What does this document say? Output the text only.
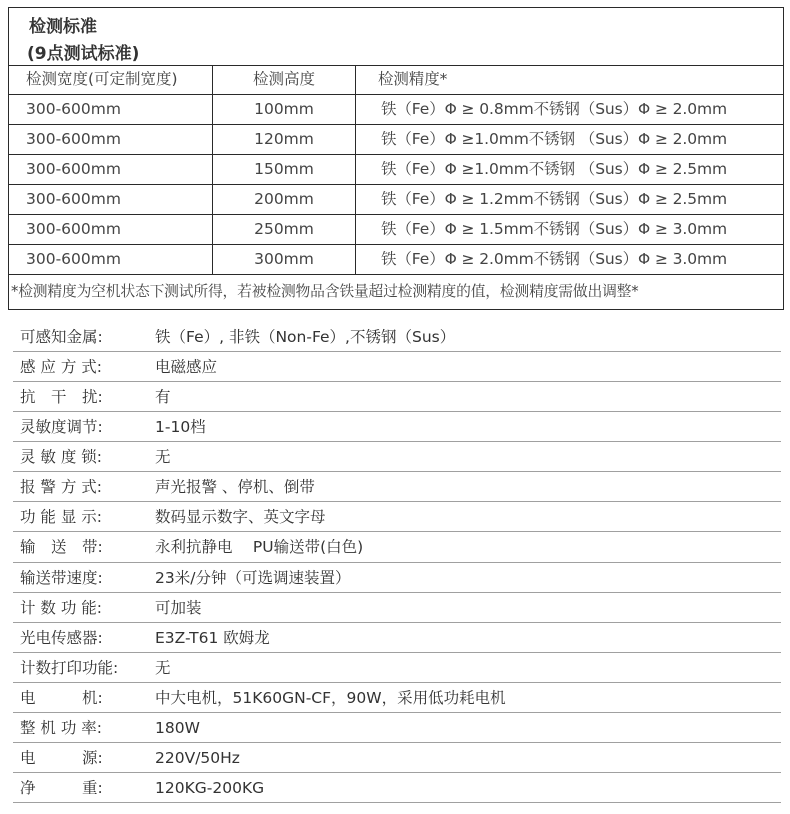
检测标准
(9点测试标准)
检测宽度(可定制宽度)	检测高度	检测精度*
300-600mm	100mm	铁（Fe）Φ ≥ 0.8mm不锈钢（Sus）Φ ≥ 2.0mm
300-600mm	120mm	铁（Fe）Φ ≥1.0mm不锈钢 （Sus）Φ ≥ 2.0mm
300-600mm	150mm	铁（Fe）Φ ≥1.0mm不锈钢 （Sus）Φ ≥ 2.5mm
300-600mm	200mm	铁（Fe）Φ ≥ 1.2mm不锈钢（Sus）Φ ≥ 2.5mm
300-600mm	250mm	铁（Fe）Φ ≥ 1.5mm不锈钢（Sus）Φ ≥ 3.0mm
300-600mm	300mm	铁（Fe）Φ ≥ 2.0mm不锈钢（Sus）Φ ≥ 3.0mm
*检测精度为空机状态下测试所得，若被检测物品含铁量超过检测精度的值，检测精度需做出调整*
可感知金属:	铁（Fe）, 非铁（Non-Fe）,不锈钢（Sus）
感 应 方 式:	电磁感应
抗　干　扰:	有
灵敏度调节:	1-10档
灵 敏 度 锁:	无
报 警 方 式:	声光报警 、停机、倒带
功 能 显 示:	数码显示数字、英文字母
输　送　带:	永利抗静电　 PU输送带(白色)
输送带速度:	23米/分钟（可选调速装置）
计 数 功 能:	可加装
光电传感器:	E3Z-T61 欧姆龙
计数打印功能: 无
电　　　机:	中大电机，51K60GN-CF，90W，采用低功耗电机
整 机 功 率:	180W
电　　　源:	220V/50Hz
净　　　重:	120KG-200KG
